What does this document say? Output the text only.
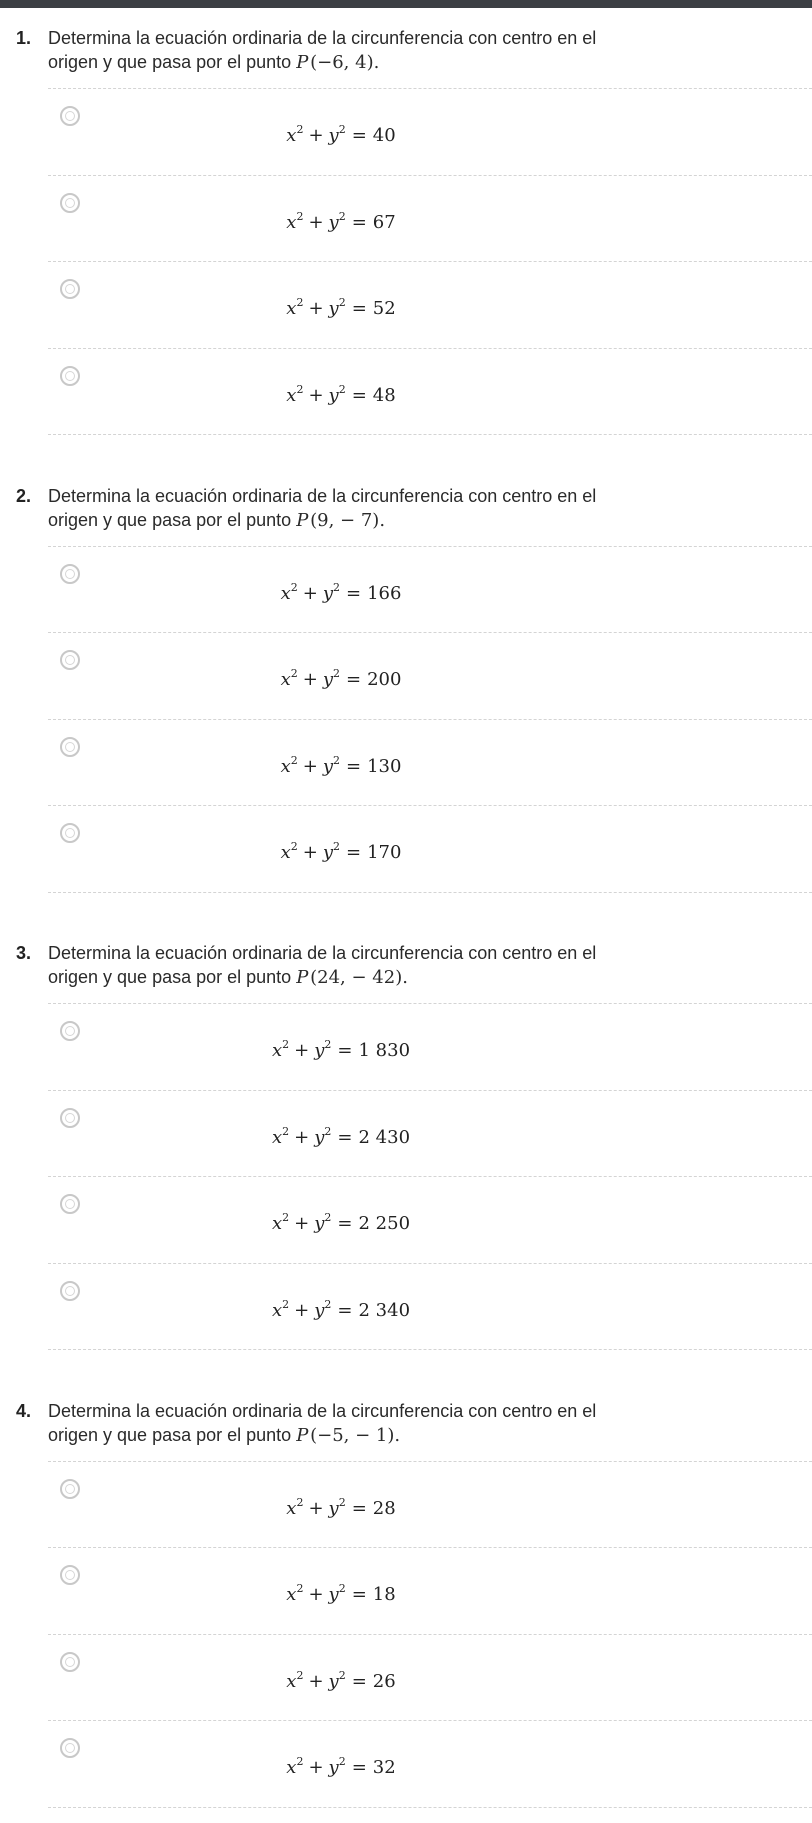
1. Determina la ecuación ordinaria de la circunferencia con centro en el
origen y que pasa por el punto P (−6, 4).
$x^2 + y^2 = 40$
$x^2 + y^2 = 67$
$x^2 + y^2 = 52$
$x^2 + y^2 = 48$
2. Determina la ecuación ordinaria de la circunferencia con centro en el
origen y que pasa por el punto P (9, − 7).
$x^2 + y^2 = 166$
$x^2 + y^2 = 200$
$x^2 + y^2 = 130$
$x^2 + y^2 = 170$
3. Determina la ecuación ordinaria de la circunferencia con centro en el
origen y que pasa por el punto P (24, − 42).
$x^2 + y^2 = 1$ 830
$x^2 + y^2 = 2$ 430
$x^2 + y^2 = 2$ 250
$x^2 + y^2 = 2$ 340
4. Determina la ecuación ordinaria de la circunferencia con centro en el
origen y que pasa por el punto P (−5, − 1).
$x^2 + y^2 = 28$
$x^2 + y^2 = 18$
$x^2 + y^2 = 26$
$x^2 + y^2 = 32$
